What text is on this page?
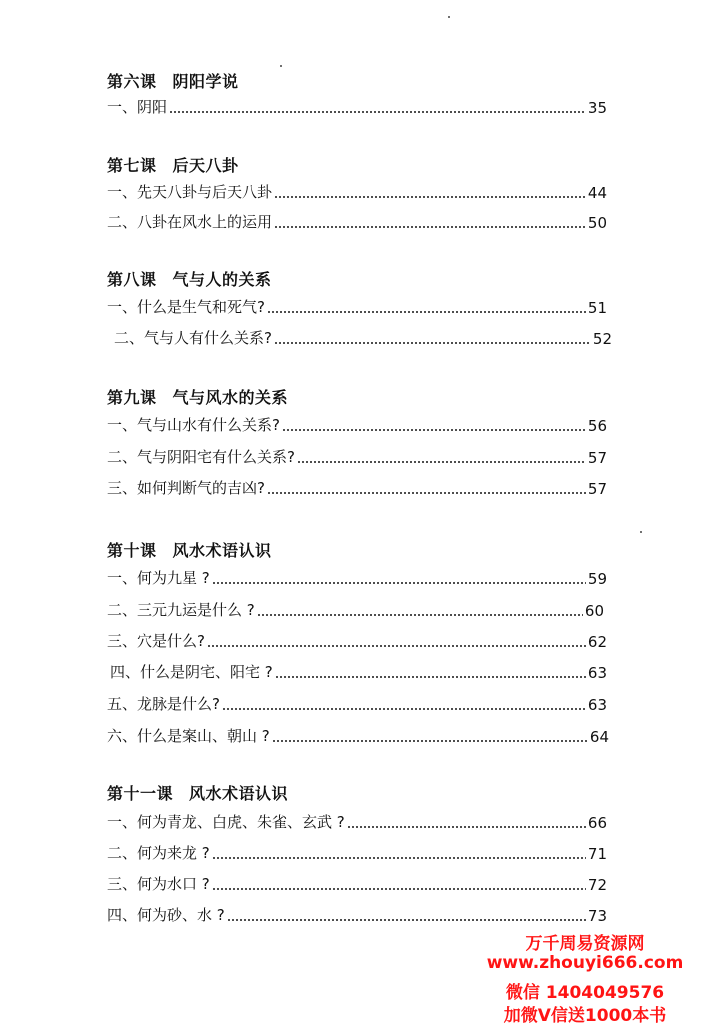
第六课 阴阳学说
一、阴阳	35
第七课 后天八卦
一、先天八卦与后天八卦	44
二、八卦在风水上的运用	50
第八课 气与人的关系
一、什么是生气和死气?	51
二、气与人有什么关系?	52
第九课 气与风水的关系
一、气与山水有什么关系?	56
二、气与阴阳宅有什么关系?	57
三、如何判断气的吉凶?	57
第十课 风水术语认识
一、何为九星 ?	59
二、三元九运是什么 ?	60
三、穴是什么?	62
四、什么是阴宅、阳宅 ?	63
五、龙脉是什么?	63
六、什么是案山、朝山 ?	64
第十一课 风水术语认识
一、何为青龙、白虎、朱雀、玄武 ?	66
二、何为来龙 ?	71
三、何为水口 ?	72
四、何为砂、水 ?	73
万千周易资源网
www.zhouyi666.com
微信 1404049576
加微V信送1000本书
